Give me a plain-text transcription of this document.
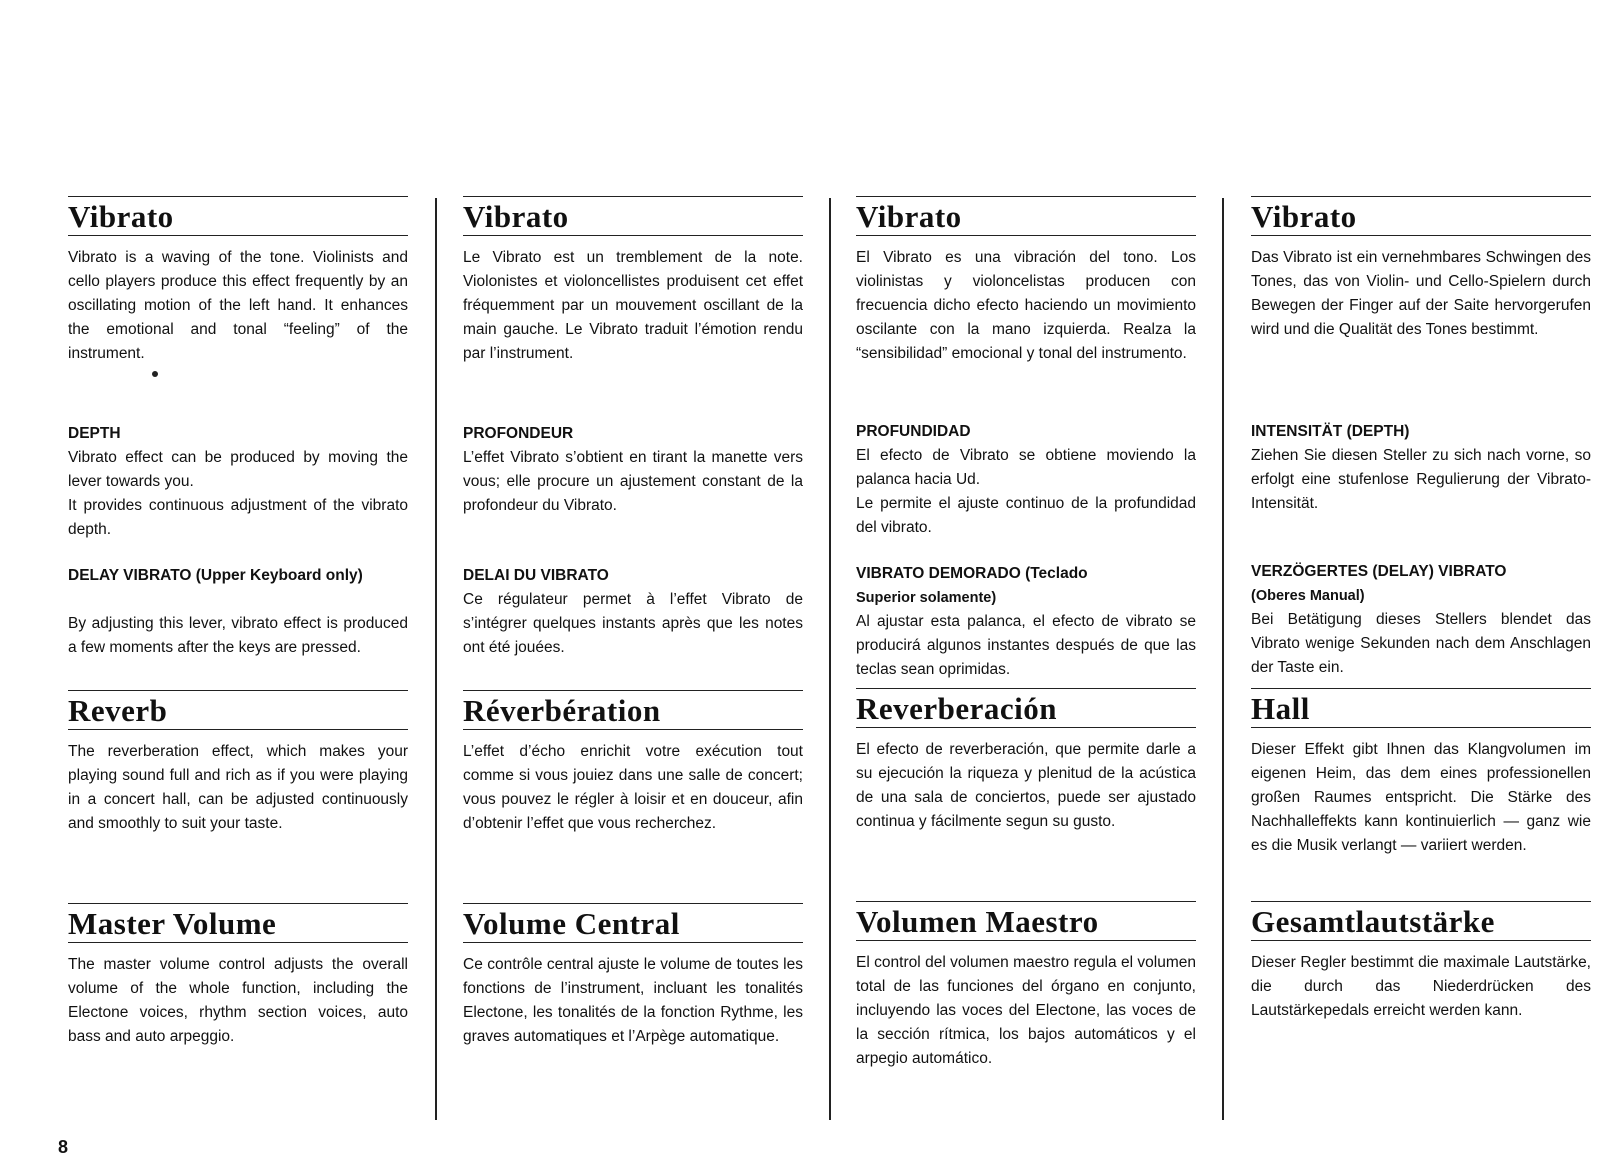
Vibrato

Vibrato is a waving of the tone. Violinists and cello players produce this effect frequently by an oscillating motion of the left hand. It enhances the emotional and tonal “feeling” of the instrument.

DEPTH

Vibrato effect can be produced by moving the lever towards you.

It provides continuous adjustment of the vibrato depth.

DELAY VIBRATO (Upper Keyboard only)

By adjusting this lever, vibrato effect is produced a few moments after the keys are pressed.

Reverb

The reverberation effect, which makes your playing sound full and rich as if you were playing in a concert hall, can be adjusted continuously and smoothly to suit your taste.

Master Volume

The master volume control adjusts the overall volume of the whole function, including the Electone voices, rhythm section voices, auto bass and auto arpeggio.

Vibrato

Le Vibrato est un tremblement de la note. Violonistes et violoncellistes produisent cet effet fréquemment par un mouvement oscillant de la main gauche. Le Vibrato traduit l’émotion rendu par l’instrument.

PROFONDEUR

L’effet Vibrato s’obtient en tirant la manette vers vous; elle procure un ajustement constant de la profondeur du Vibrato.

DELAI DU VIBRATO

Ce régulateur permet à l’effet Vibrato de s’intégrer quelques instants après que les notes ont été jouées.

Réverbération

L’effet d’écho enrichit votre exécution tout comme si vous jouiez dans une salle de concert; vous pouvez le régler à loisir et en douceur, afin d’obtenir l’effet que vous recherchez.

Volume Central

Ce contrôle central ajuste le volume de toutes les fonctions de l’instrument, incluant les tonalités Electone, les tonalités de la fonction Rythme, les graves automatiques et l’Arpège automatique.

Vibrato

El Vibrato es una vibración del tono. Los violinistas y violoncelistas producen con frecuencia dicho efecto haciendo un movimiento oscilante con la mano izquierda. Realza la “sensibilidad” emocional y tonal del instrumento.

PROFUNDIDAD

El efecto de Vibrato se obtiene moviendo la palanca hacia Ud.

Le permite el ajuste continuo de la profundidad del vibrato.

VIBRATO DEMORADO (Teclado

Superior solamente)

Al ajustar esta palanca, el efecto de vibrato se producirá algunos instantes después de que las teclas sean oprimidas.

Reverberación

El efecto de reverberación, que permite darle a su ejecución la riqueza y plenitud de la acústica de una sala de conciertos, puede ser ajustado continua y fácilmente segun su gusto.

Volumen Maestro

El control del volumen maestro regula el volumen total de las funciones del órgano en conjunto, incluyendo las voces del Electone, las voces de la sección rítmica, los bajos automáticos y el arpegio automático.

Vibrato

Das Vibrato ist ein vernehmbares Schwingen des Tones, das von Violin- und Cello-Spielern durch Bewegen der Finger auf der Saite hervorgerufen wird und die Qualität des Tones bestimmt.

INTENSITÄT (DEPTH)

Ziehen Sie diesen Steller zu sich nach vorne, so erfolgt eine stufenlose Regulierung der Vibrato-Intensität.

VERZÖGERTES (DELAY) VIBRATO

(Oberes Manual)

Bei Betätigung dieses Stellers blendet das Vibrato wenige Sekunden nach dem Anschlagen der Taste ein.

Hall

Dieser Effekt gibt Ihnen das Klangvolumen im eigenen Heim, das dem eines professionellen großen Raumes entspricht. Die Stärke des Nachhalleffekts kann kontinuierlich — ganz wie es die Musik verlangt — variiert werden.

Gesamtlautstärke

Dieser Regler bestimmt die maximale Lautstärke, die durch das Niederdrücken des Lautstärkepedals erreicht werden kann.

8
